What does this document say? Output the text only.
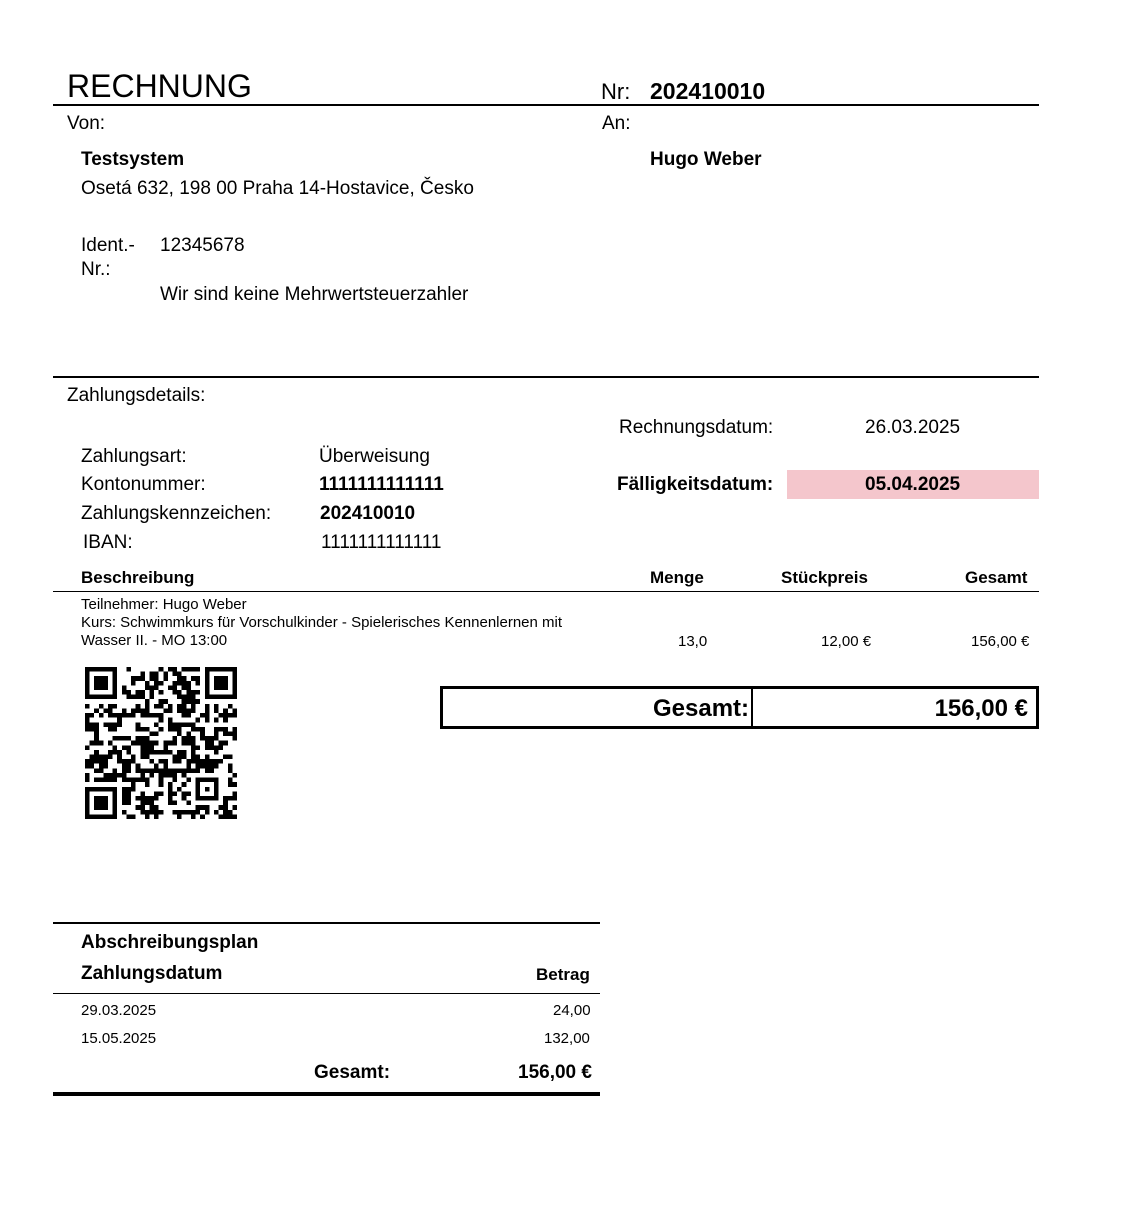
RECHNUNG	Nr: 202410010
Von:	An:
Testsystem
Osetá 632, 198 00 Praha 14-Hostavice, Česko
Hugo Weber
Ident.-
Nr.:
12345678
Wir sind keine Mehrwertsteuerzahler
Zahlungsdetails:
Zahlungsart:	Überweisung
Kontonummer:	1111111111111
Zahlungskennzeichen:	202410010
IBAN:	1111111111111
Rechnungsdatum:	26.03.2025
Fälligkeitsdatum:	05.04.2025
Beschreibung	Menge	Stückpreis	Gesamt
Teilnehmer: Hugo Weber
Kurs: Schwimmkurs für Vorschulkinder - Spielerisches Kennenlernen mit
Wasser II. - MO 13:00	13,0	12,00 €	156,00 €
Gesamt:	156,00 €
Abschreibungsplan
Zahlungsdatum	Betrag
29.03.2025	24,00
15.05.2025	132,00
Gesamt:	156,00 €
